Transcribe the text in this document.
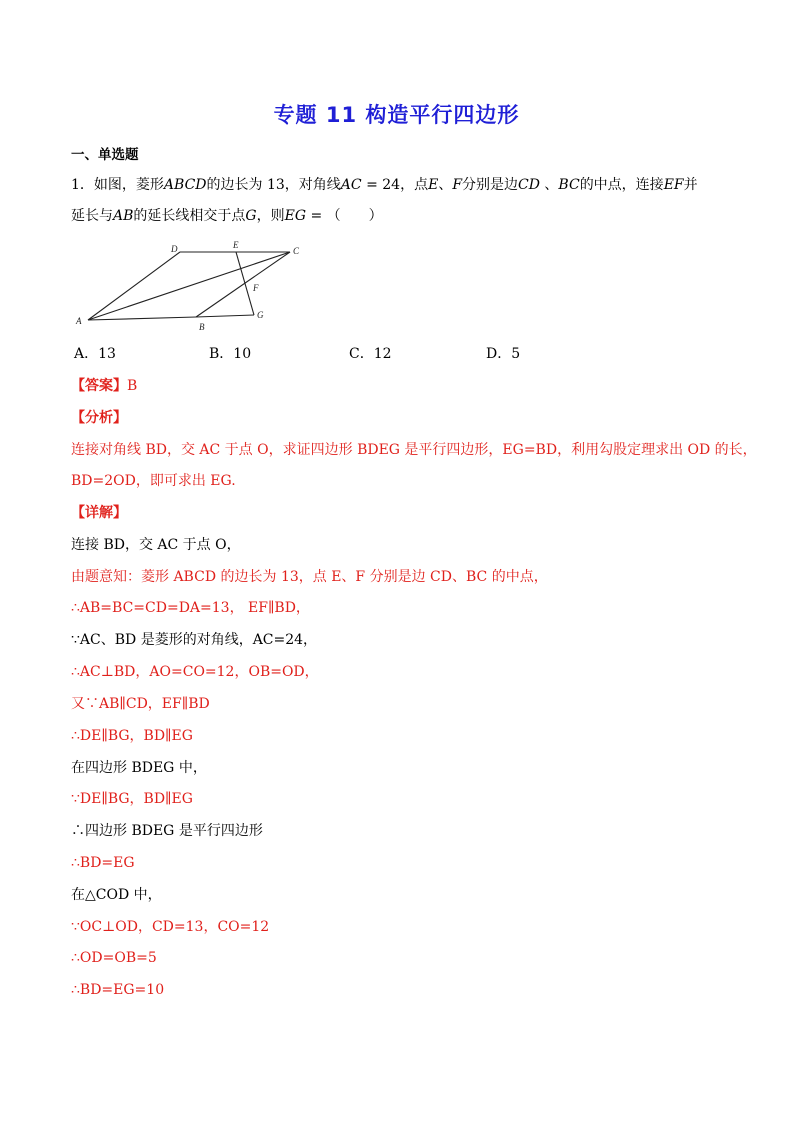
专题 11 构造平行四边形
一、单选题
1．如图，菱形ABCD的边长为 13，对角线AC = 24，点E、F分别是边CD 、BC的中点，连接EF并
延长与AB的延长线相交于点G，则EG = （　　）
A
B
G
D	E
C
F
A．13	B．10	C．12	D．5
【答案】B
【分析】
连接对角线 BD，交 AC 于点 O，求证四边形 BDEG 是平行四边形，EG=BD，利用勾股定理求出 OD 的长，
BD=2OD，即可求出 EG.
【详解】
连接 BD，交 AC 于点 O，
由题意知：菱形 ABCD 的边长为 13，点 E、F 分别是边 CD、BC 的中点，
∴AB=BC=CD=DA=13， EF∥BD，
∵AC、BD 是菱形的对角线，AC=24，
∴AC⊥BD，AO=CO=12，OB=OD，
又∵AB∥CD，EF∥BD
∴DE∥BG，BD∥EG
在四边形 BDEG 中，
∵DE∥BG，BD∥EG
∴四边形 BDEG 是平行四边形
∴BD=EG
在△COD 中，
∵OC⊥OD，CD=13，CO=12
∴OD=OB=5
∴BD=EG=10
